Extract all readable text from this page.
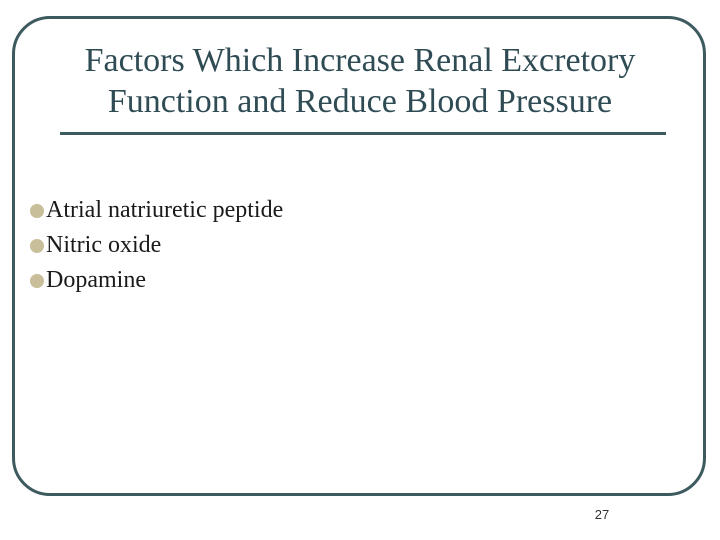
Factors Which Increase Renal Excretory
Function and Reduce Blood Pressure
Atrial natriuretic peptide
Nitric oxide
Dopamine
27
